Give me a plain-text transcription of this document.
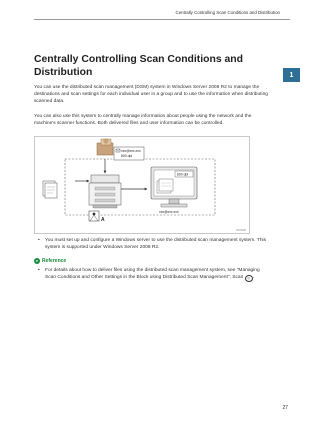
Centrally Controlling Scan Conditions and Distribution
1
Centrally Controlling Scan Conditions and Distribution

You can use the distributed scan management (DSM) system in Windows Server 2008 R2 to manage the destinations and scan settings for each individual user in a group and to use the information when distributing scanned data.

You can also use this system to centrally manage information about people using the network and the machine's scanner functions. Both delivered files and user information can be controlled.

xxx@xxx.xxx
600 dpi
A
600 dpi
xxx@xxx.xxx
DSC090
• You must set up and configure a Windows server to use the distributed scan management system. This system is supported under Windows Server 2008 R2.
⌕ Reference
• For details about how to deliver files using the distributed scan management system, see "Managing Scan Conditions and Other Settings in the Block using Distributed Scan Management", Scan ◎ .
27
